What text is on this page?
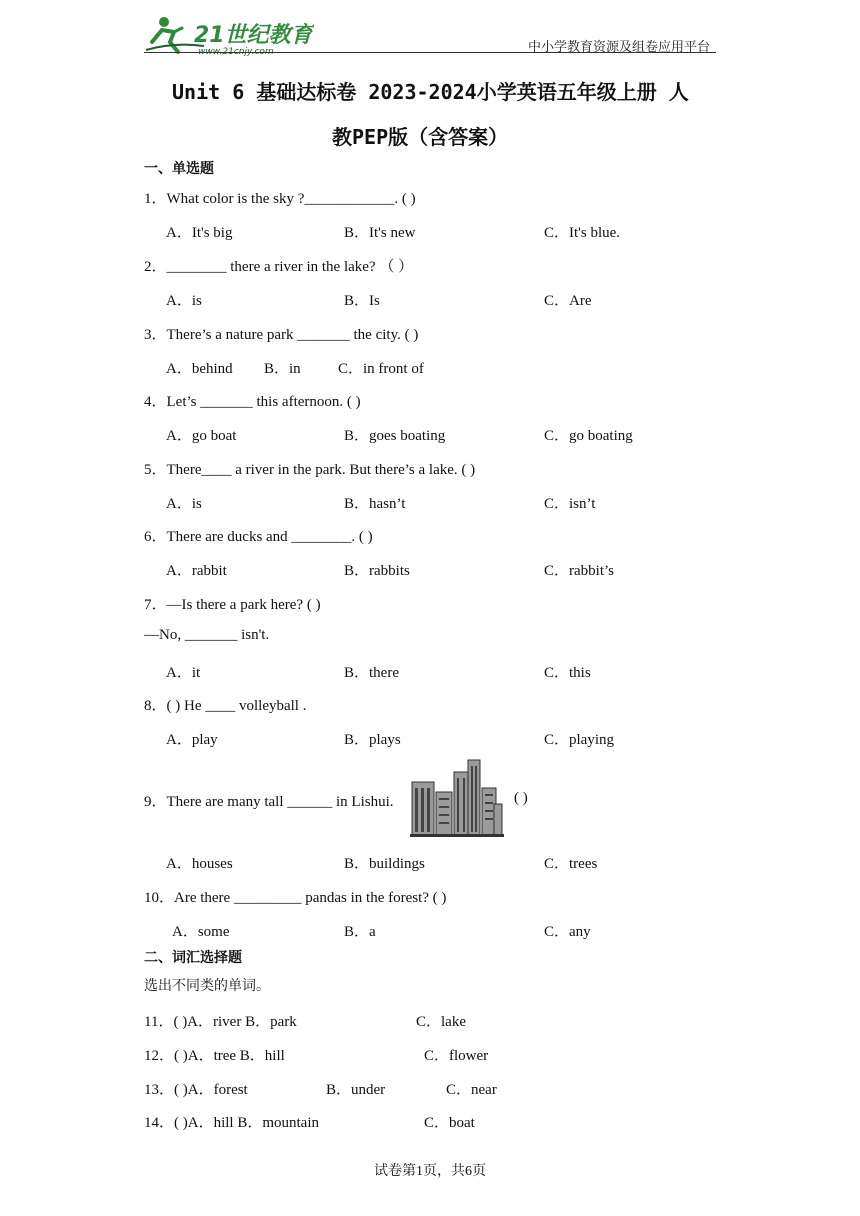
21世纪教育
www.21cnjy.com	中小学教育资源及组卷应用平台
Unit 6 基础达标卷 2023-2024小学英语五年级上册 人
教PEP版（含答案）
一、单选题
1．What color is the sky ?____________. ( )
A．It's big	B．It's new	C．It's blue.
2．________ there a river in the lake? （ ）
A．is	B．Is	C．Are
3．There’s a nature park _______ the city. ( )
A．behind B．in C．in front of
4．Let’s _______ this afternoon. ( )
A．go boat	B．goes boating	C．go boating
5．There____ a river in the park. But there’s a lake. ( )
A．is	B．hasn’t	C．isn’t
6．There are ducks and ________. ( )
A．rabbit	B．rabbits	C．rabbit’s
7．—Is there a park here? ( )
—No, _______ isn't.
A．it	B．there	C．this
8．( ) He ____ volleyball .
A．play	B．plays	C．playing
9．There are many tall ______ in Lishui.	( )
A．houses	B．buildings	C．trees
10．Are there _________ pandas in the forest? ( )
A．some	B．a	C．any
二、词汇选择题
选出不同类的单词。
11．( )A．river B．park	C．lake
12．( )A．tree B．hill	C．flower
13．( )A．forest	B．under	C．near
14．( )A．hill B．mountain	C．boat
试卷第1页，共6页
